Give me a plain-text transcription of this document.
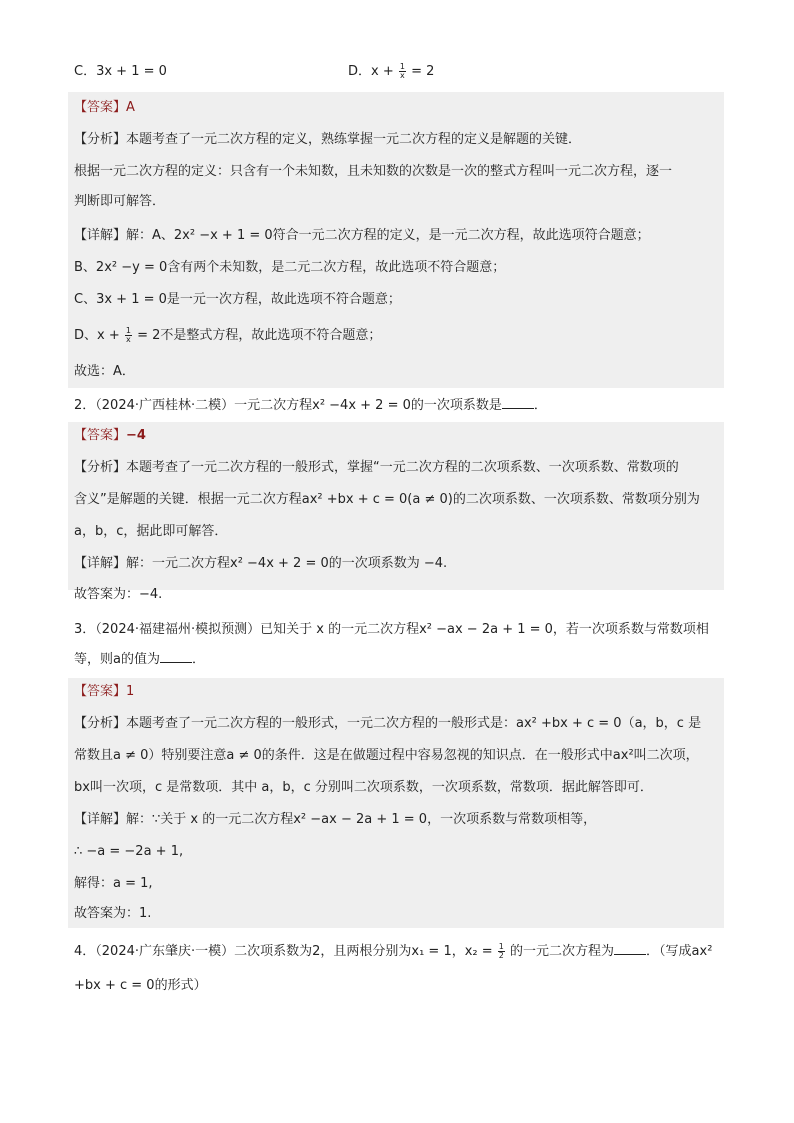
C．3x + 1 = 0	D．$x + \frac{1}{x} = 2$
【答案】A
【分析】本题考查了一元二次方程的定义，熟练掌握一元二次方程的定义是解题的关键．
根据一元二次方程的定义：只含有一个未知数，且未知数的次数是一次的整式方程叫一元二次方程，逐一
判断即可解答．
【详解】解：A、2x² −x + 1 = 0符合一元二次方程的定义，是一元二次方程，故此选项符合题意；
B、2x² −y = 0含有两个未知数，是二元二次方程，故此选项不符合题意；
C、3x + 1 = 0是一元一次方程，故此选项不符合题意；
D、$x + \frac{1}{x} = 2$不是整式方程，故此选项不符合题意；
故选：A．
2．（2024·广西桂林·二模）一元二次方程x² −4x + 2 = 0的一次项系数是 ．
【答案】−4
【分析】本题考查了一元二次方程的一般形式，掌握“一元二次方程的二次项系数、一次项系数、常数项的
含义”是解题的关键．根据一元二次方程ax² +bx + c = 0(a ≠ 0)的二次项系数、一次项系数、常数项分别为
a，b，c，据此即可解答．
【详解】解：一元二次方程x² −4x + 2 = 0的一次项系数为 −4.
故答案为：−4.
3．（2024·福建福州·模拟预测）已知关于 x 的一元二次方程x² −ax − 2a + 1 = 0，若一次项系数与常数项相
等，则a的值为 ．
【答案】1
【分析】本题考查了一元二次方程的一般形式，一元二次方程的一般形式是：ax² +bx + c = 0（a，b，c 是
常数且a ≠ 0）特别要注意a ≠ 0的条件．这是在做题过程中容易忽视的知识点．在一般形式中ax²叫二次项，
bx叫一次项，c 是常数项．其中 a，b，c 分别叫二次项系数，一次项系数，常数项．据此解答即可．
【详解】解：∵关于 x 的一元二次方程x² −ax − 2a + 1 = 0，一次项系数与常数项相等，
∴ −a = −2a + 1,
解得：a = 1,
故答案为：1.
4．（2024·广东肇庆·一模）二次项系数为2，且两根分别为x₁ = 1，$x_2 = \frac{1}{2}$ 的一元二次方程为 ．（写成ax²
+bx + c = 0的形式）
